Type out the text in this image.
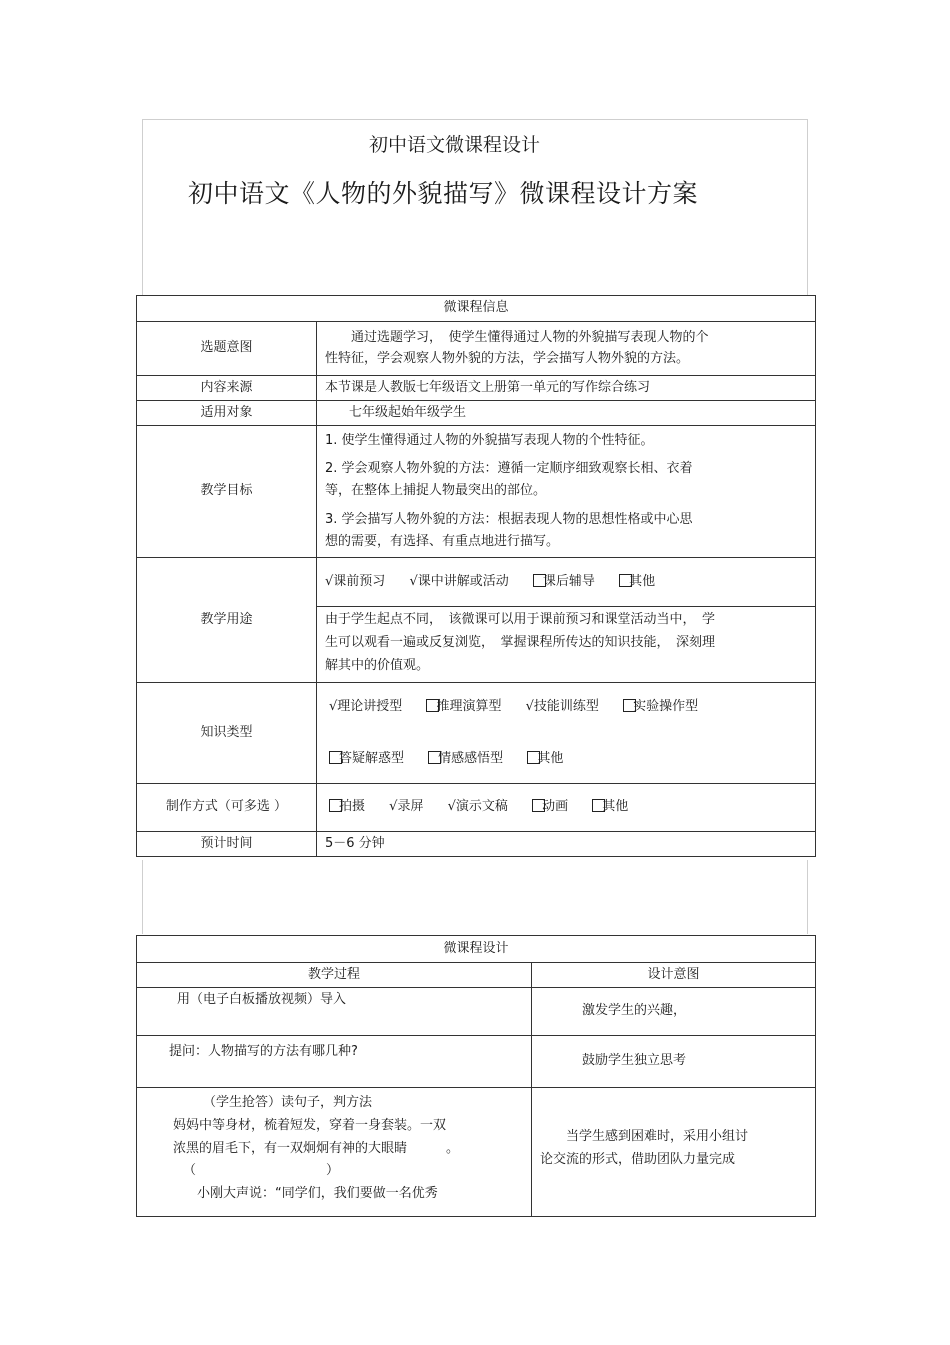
初中语文微课程设计
初中语文《人物的外貌描写》微课程设计方案
微课程信息	
选题意图	通过选题学习，　使学生懂得通过人物的外貌描写表现人物的个
性特征，学会观察人物外貌的方法，学会描写人物外貌的方法。

内容来源	本节课是人教版七年级语文上册第一单元的写作综合练习
适用对象	七年级起始年级学生
教学目标	1. 使学生懂得通过人物的外貌描写表现人物的个性特征。
2. 学会观察人物外貌的方法：遵循一定顺序细致观察长相、衣着
等，在整体上捕捉人物最突出的部位。
3. 学会描写人物外貌的方法：根据表现人物的思想性格或中心思
想的需要，有选择、有重点地进行描写。

教学用途	√课前预习 √课中讲解或活动 课后辅导 其他
由于学生起点不同，　该微课可以用于课前预习和课堂活动当中，　学
生可以观看一遍或反复浏览，　掌握课程所传达的知识技能，　深刻理
解其中的价值观。

知识类型	√理论讲授型 推理演算型 √技能训练型 实验操作型
答疑解惑型 情感感悟型 其他

制作方式（可多选 ）	拍摄 √录屏 √演示文稿 动画 其他
预计时间	5－6 分钟
微课程设计	
教学过程	设计意图
用（电子白板播放视频）导入	激发学生的兴趣，
提问：人物描写的方法有哪几种?	鼓励学生独立思考

（学生抢答）读句子，判方法
妈妈中等身材，梳着短发，穿着一身套装。一双
浓黑的眉毛下，有一双炯炯有神的大眼睛　　　。
（　　　　　　　　　　）
小刚大声说：“同学们，我们要做一名优秀	当学生感到困难时，采用小组讨
论交流的形式，借助团队力量完成
